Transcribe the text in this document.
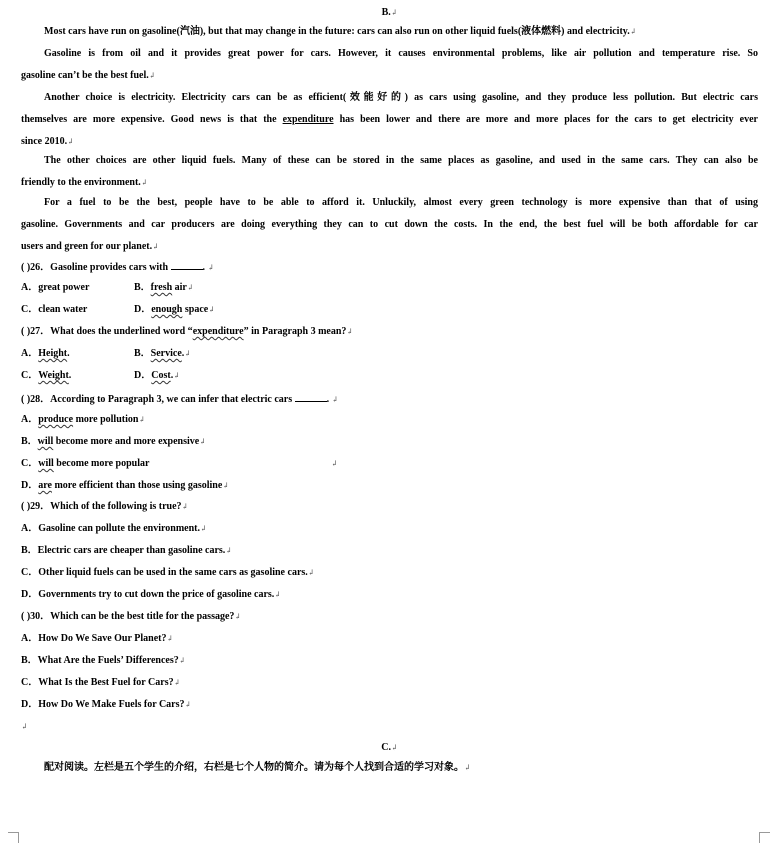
B.↲

Most cars have run on gasoline(汽油), but that may change in the future: cars can also run on other liquid fuels(液体燃料) and electricity.↲

Gasoline is from oil and it provides great power for cars. However, it causes environmental problems, like air pollution and temperature rise. So

gasoline can’t be the best fuel.↲

Another choice is electricity. Electricity cars can be as efficient(效能好的) as cars using gasoline, and they produce less pollution. But electric cars

themselves are more expensive. Good news is that the expenditure has been lower and there are more and more places for the cars to get electricity ever

since 2010.↲

The other choices are other liquid fuels. Many of these can be stored in the same places as gasoline, and used in the same cars. They can also be

friendly to the environment.↲

For a fuel to be the best, people have to be able to afford it. Unluckily, almost every green technology is more expensive than that of using

gasoline. Governments and car producers are doing everything they can to cut down the costs. In the end, the best fuel will be both affordable for car

users and green for our planet.↲

( )26．Gasoline provides cars with	. ↲

A．great power	B．fresh air↲

C．clean water	D．enough space↲

( )27．What does the underlined word “expenditure” in Paragraph 3 mean?↲

A．Height.	B．Service.↲

C．Weight.	D．Cost.↲

( )28．According to Paragraph 3, we can infer that electric cars	. ↲

A．produce more pollution↲

B．will become more and more expensive↲

C．will become more popular	↲

D．are more efficient than those using gasoline↲

( )29．Which of the following is true?↲

A．Gasoline can pollute the environment.↲

B．Electric cars are cheaper than gasoline cars.↲

C．Other liquid fuels can be used in the same cars as gasoline cars.↲

D．Governments try to cut down the price of gasoline cars.↲

( )30．Which can be the best title for the passage?↲

A．How Do We Save Our Planet?↲

B．What Are the Fuels’ Differences?↲

C．What Is the Best Fuel for Cars?↲

D．How Do We Make Fuels for Cars?↲

↲

C.↲

配对阅读。左栏是五个学生的介绍，右栏是七个人物的简介。请为每个人找到合适的学习对象。↲
